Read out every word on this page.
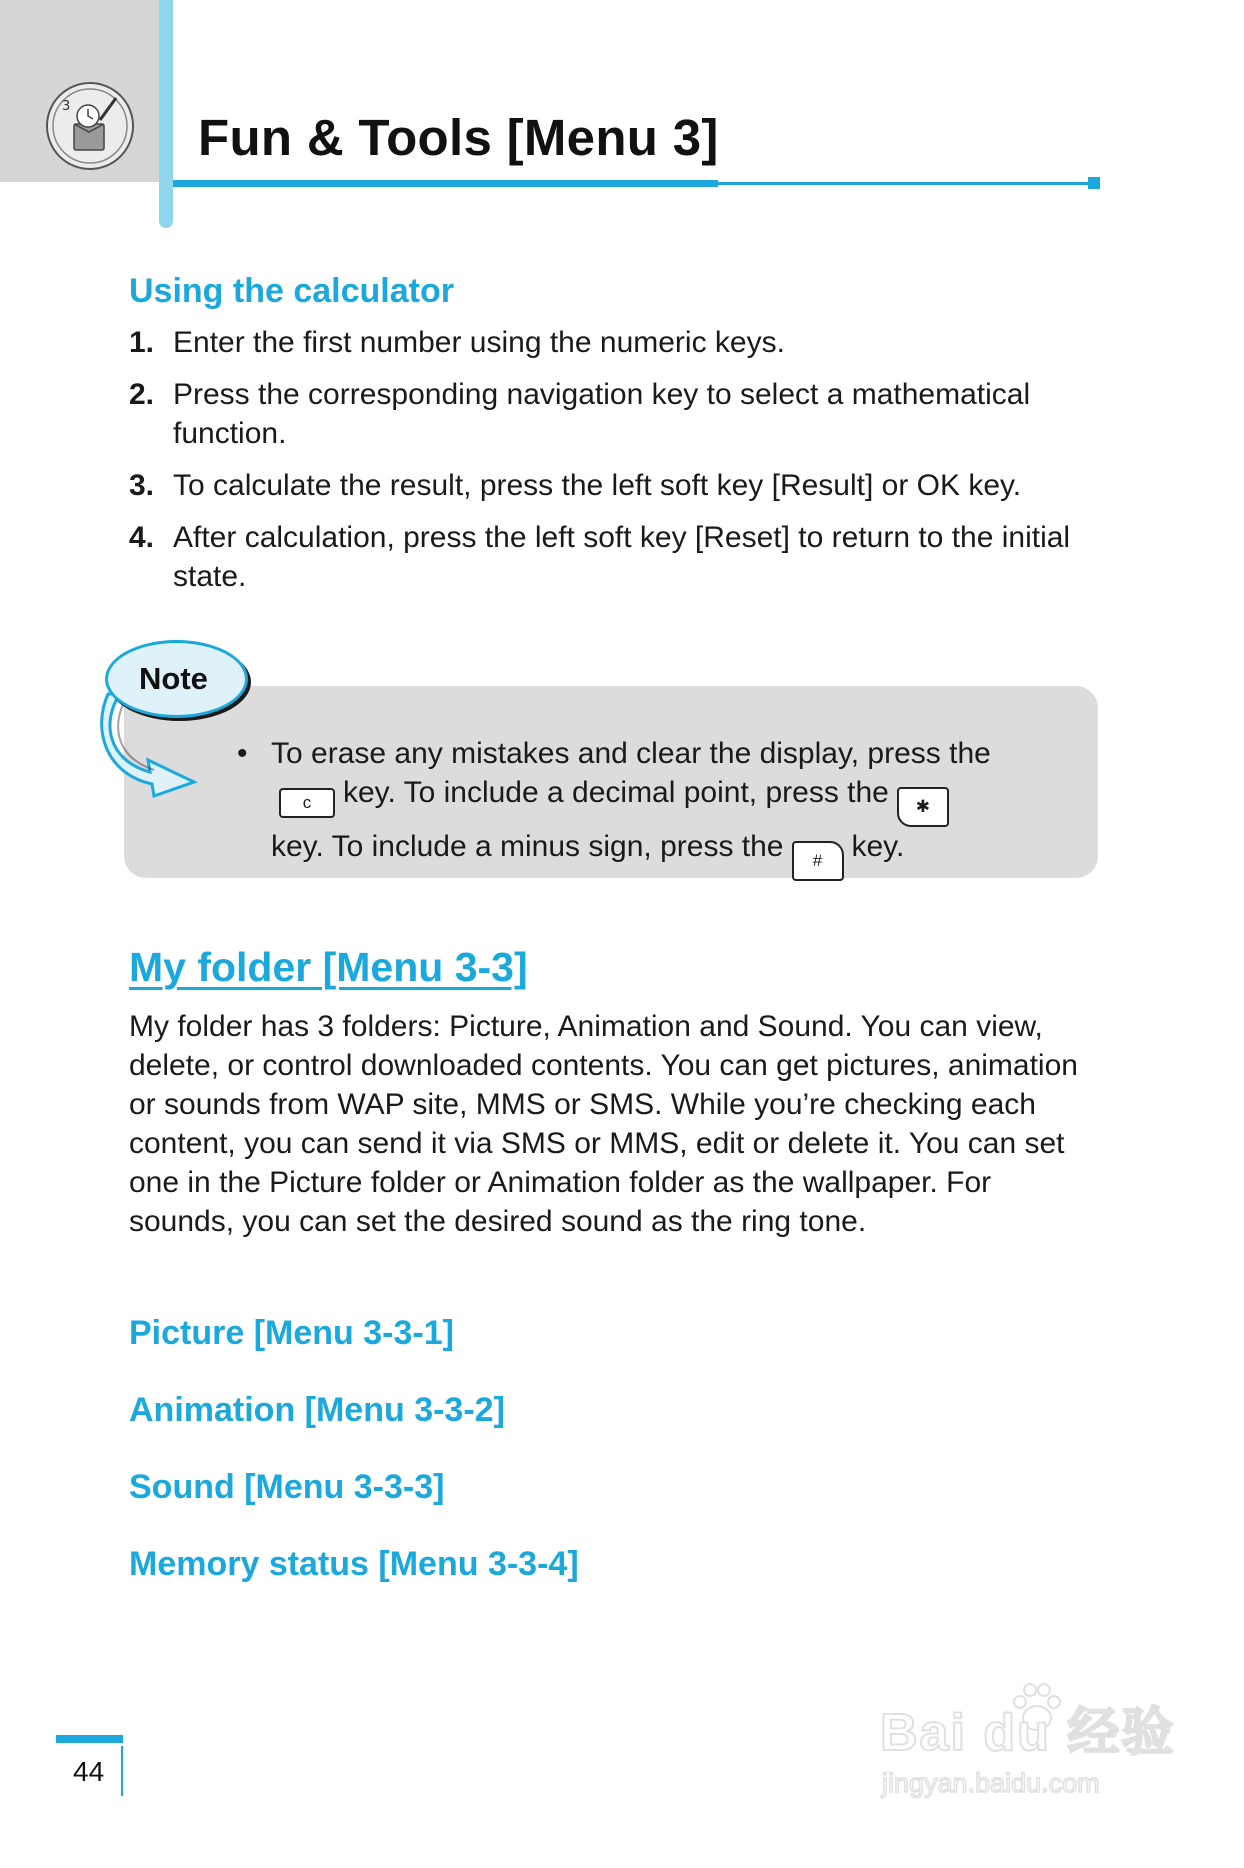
3
Fun & Tools [Menu 3]
Using the calculator
1. Enter the first number using the numeric keys.
2. Press the corresponding navigation key to select a mathematical function.
3. To calculate the result, press the left soft key [Result] or OK key.
4. After calculation, press the left soft key [Reset] to return to the initial state.
Note
• To erase any mistakes and clear the display, press the
c key. To include a decimal point, press the ✱
key. To include a minus sign, press the # key.
My folder [Menu 3-3]

My folder has 3 folders: Picture, Animation and Sound. You can view, delete, or control downloaded contents. You can get pictures, animation or sounds from WAP site, MMS or SMS. While you’re checking each content, you can send it via SMS or MMS, edit or delete it. You can set one in the Picture folder or Animation folder as the wallpaper. For sounds, you can set the desired sound as the ring tone.

Picture [Menu 3-3-1]
Animation [Menu 3-3-2]
Sound [Menu 3-3-3]
Memory status [Menu 3-3-4]
44
Bai du 经验
jingyan.baidu.com
